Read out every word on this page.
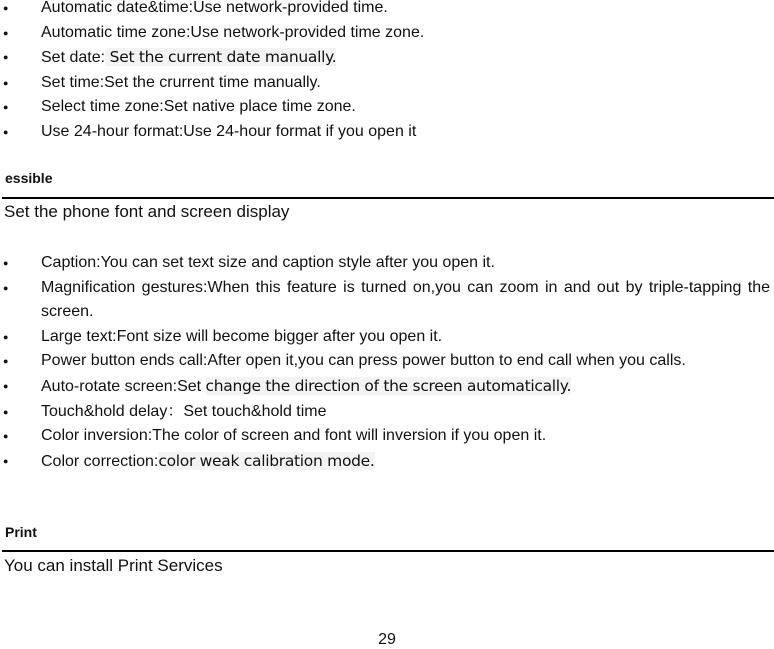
● Automatic date&time:Use network-provided time.
● Automatic time zone:Use network-provided time zone.
● Set date: Set the current date manually.
● Set time:Set the crurrent time manually.
● Select time zone:Set native place time zone.
● Use 24-hour format:Use 24-hour format if you open it
essible
Set the phone font and screen display
● Caption:You can set text size and caption style after you open it.
● Magnification gestures:When this feature is turned on,you can zoom in and out by triple-tapping the screen.
● Large text:Font size will become bigger after you open it.
● Power button ends call:After open it,you can press power button to end call when you calls.
● Auto-rotate screen:Set change the direction of the screen automatically.
● Touch&hold delay：Set touch&hold time
● Color inversion:The color of screen and font will inversion if you open it.
● Color correction:color weak calibration mode.
Print
You can install Print Services
29
